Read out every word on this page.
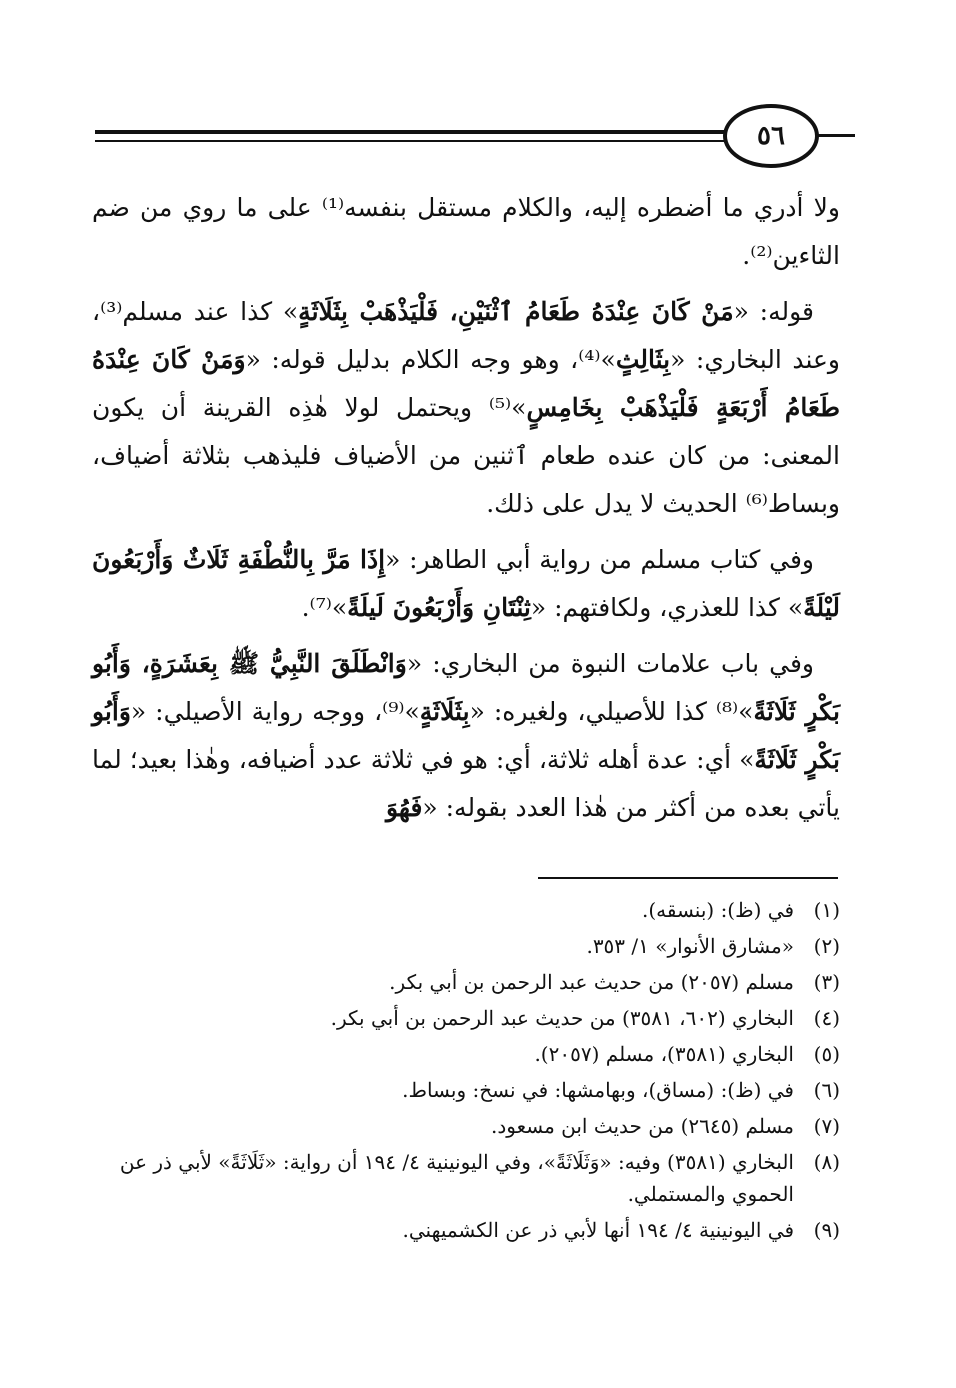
٥٦

ولا أدري ما أضطره إليه، والكلام مستقل بنفسه⁽¹⁾ على ما روي من ضم الثاءين⁽²⁾.

قوله: «مَنْ كَانَ عِنْدَهُ طَعَامُ ٱثْنَيْنِ، فَلْيَذْهَبْ بِثَلَاثَةٍ» كذا عند مسلم⁽³⁾، وعند البخاري: «بِثَالِثٍ»⁽⁴⁾، وهو وجه الكلام بدليل قوله: «وَمَنْ كَانَ عِنْدَهُ طَعَامُ أَرْبَعَةٍ فَلْيَذْهَبْ بِخَامِسٍ»⁽⁵⁾ ويحتمل لولا هٰذِه القرينة أن يكون المعنى: من كان عنده طعام ٱثنين من الأضياف فليذهب بثلاثة أضياف، وبساط⁽⁶⁾ الحديث لا يدل على ذلك.

وفي كتاب مسلم من رواية أبي الطاهر: «إِذَا مَرَّ بِالنُّطْفَةِ ثَلَاثٌ وَأَرْبَعُونَ لَيْلَةً» كذا للعذري، ولكافتهم: «ثِنْتَانِ وَأَرْبَعُونَ لَيلَةً»⁽⁷⁾.

وفي باب علامات النبوة من البخاري: «وَانْطَلَقَ النَّبِيُّ ﷺ بِعَشَرَةٍ، وَأَبُو بَكْرٍ ثَلَاثَةً»⁽⁸⁾ كذا للأصيلي، ولغيره: «بِثَلَاثَةٍ»⁽⁹⁾، ووجه رواية الأصيلي: «وَأَبُو بَكْرٍ ثَلَاثَةً» أي: عدة أهله ثلاثة، أي: هو في ثلاثة عدد أضيافه، وهٰذا بعيد؛ لما يأتي بعده من أكثر من هٰذا العدد بقوله: «فَهُوَ

(١)
في (ظ): (بنسقه).
(٢)
«مشارق الأنوار» ١/ ٣٥٣.
(٣)
مسلم (٢٠٥٧) من حديث عبد الرحمن بن أبي بكر.
(٤)
البخاري (٦٠٢، ٣٥٨١) من حديث عبد الرحمن بن أبي بكر.
(٥)
البخاري (٣٥٨١)، مسلم (٢٠٥٧).
(٦)
في (ظ): (مساق)، وبهامشها: في نسخ: وبساط.
(٧)
مسلم (٢٦٤٥) من حديث ابن مسعود.
(٨)
البخاري (٣٥٨١) وفيه: «وَثَلَاثَةً»، وفي اليونينية ٤/ ١٩٤ أن رواية: «ثَلَاثَةً» لأبي ذر عن الحموي والمستملي.
(٩)
في اليونينية ٤/ ١٩٤ أنها لأبي ذر عن الكشميهني.
